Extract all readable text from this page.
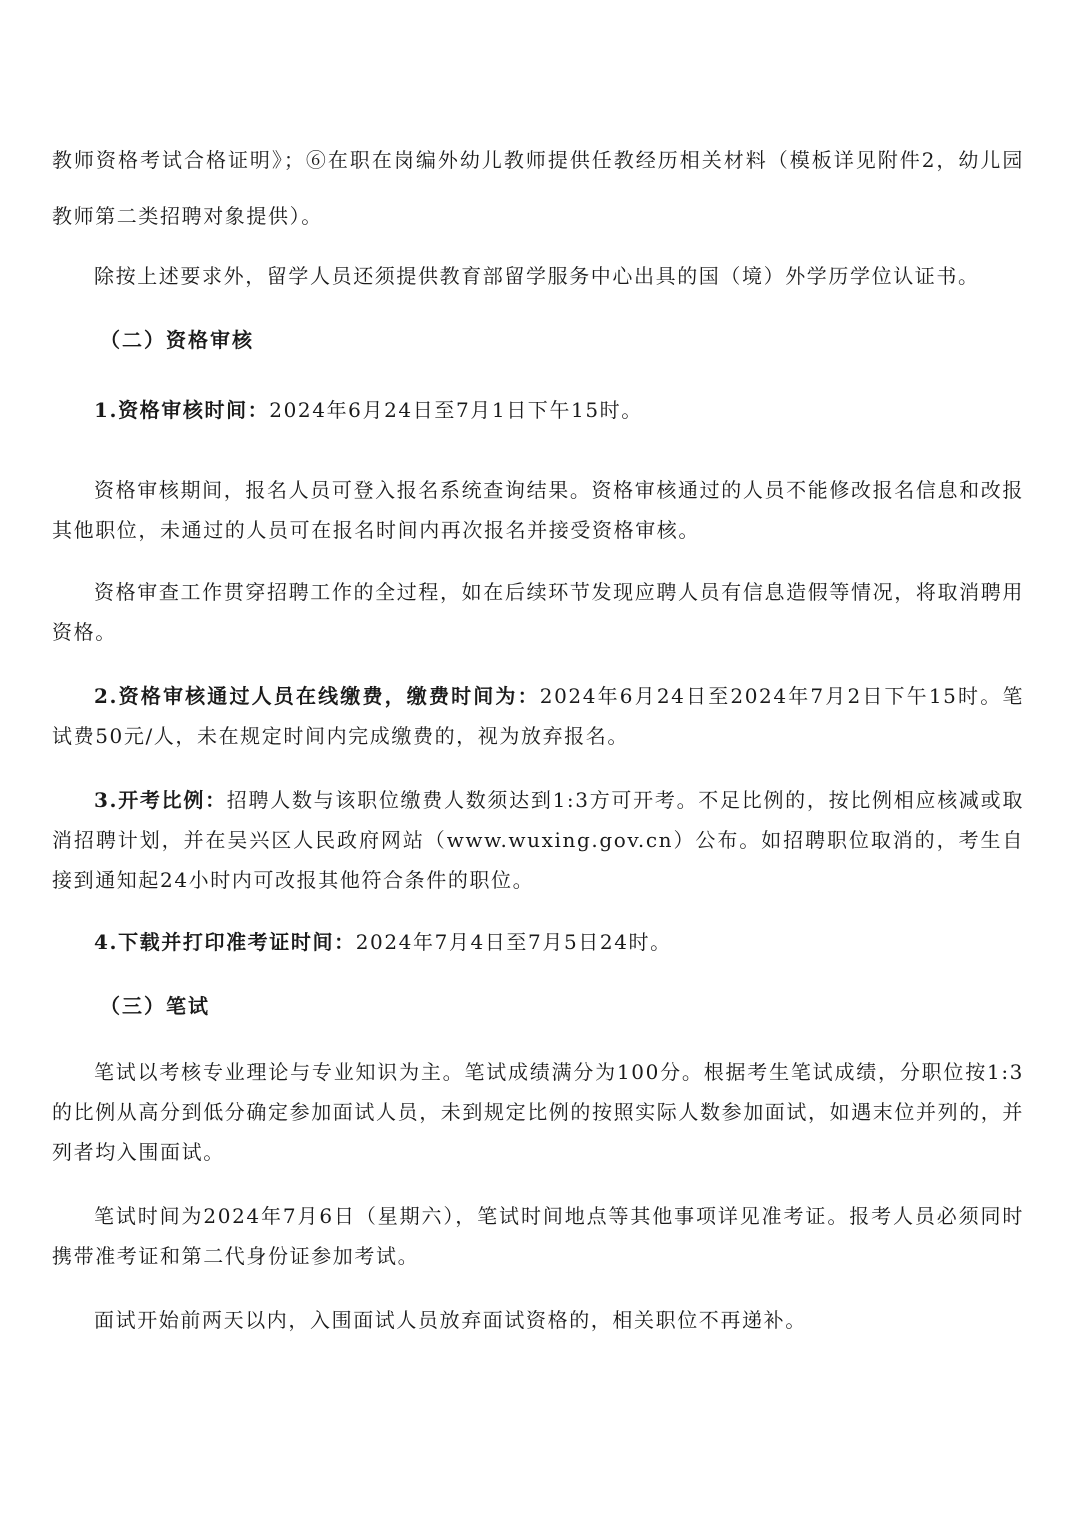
教师资格考试合格证明》；⑥在职在岗编外幼儿教师提供任教经历相关材料（模板详见附件2，幼儿园教师第二类招聘对象提供）。

除按上述要求外，留学人员还须提供教育部留学服务中心出具的国（境）外学历学位认证书。

（二）资格审核

1.资格审核时间：2024年6月24日至7月1日下午15时。

资格审核期间，报名人员可登入报名系统查询结果。资格审核通过的人员不能修改报名信息和改报其他职位，未通过的人员可在报名时间内再次报名并接受资格审核。

资格审查工作贯穿招聘工作的全过程，如在后续环节发现应聘人员有信息造假等情况，将取消聘用资格。

2.资格审核通过人员在线缴费，缴费时间为：2024年6月24日至2024年7月2日下午15时。笔试费50元/人，未在规定时间内完成缴费的，视为放弃报名。

3.开考比例：招聘人数与该职位缴费人数须达到1:3方可开考。不足比例的，按比例相应核减或取消招聘计划，并在吴兴区人民政府网站（www.wuxing.gov.cn）公布。如招聘职位取消的，考生自接到通知起24小时内可改报其他符合条件的职位。

4.下载并打印准考证时间：2024年7月4日至7月5日24时。

（三）笔试

笔试以考核专业理论与专业知识为主。笔试成绩满分为100分。根据考生笔试成绩，分职位按1:3的比例从高分到低分确定参加面试人员，未到规定比例的按照实际人数参加面试，如遇末位并列的，并列者均入围面试。

笔试时间为2024年7月6日（星期六），笔试时间地点等其他事项详见准考证。报考人员必须同时携带准考证和第二代身份证参加考试。

面试开始前两天以内，入围面试人员放弃面试资格的，相关职位不再递补。
